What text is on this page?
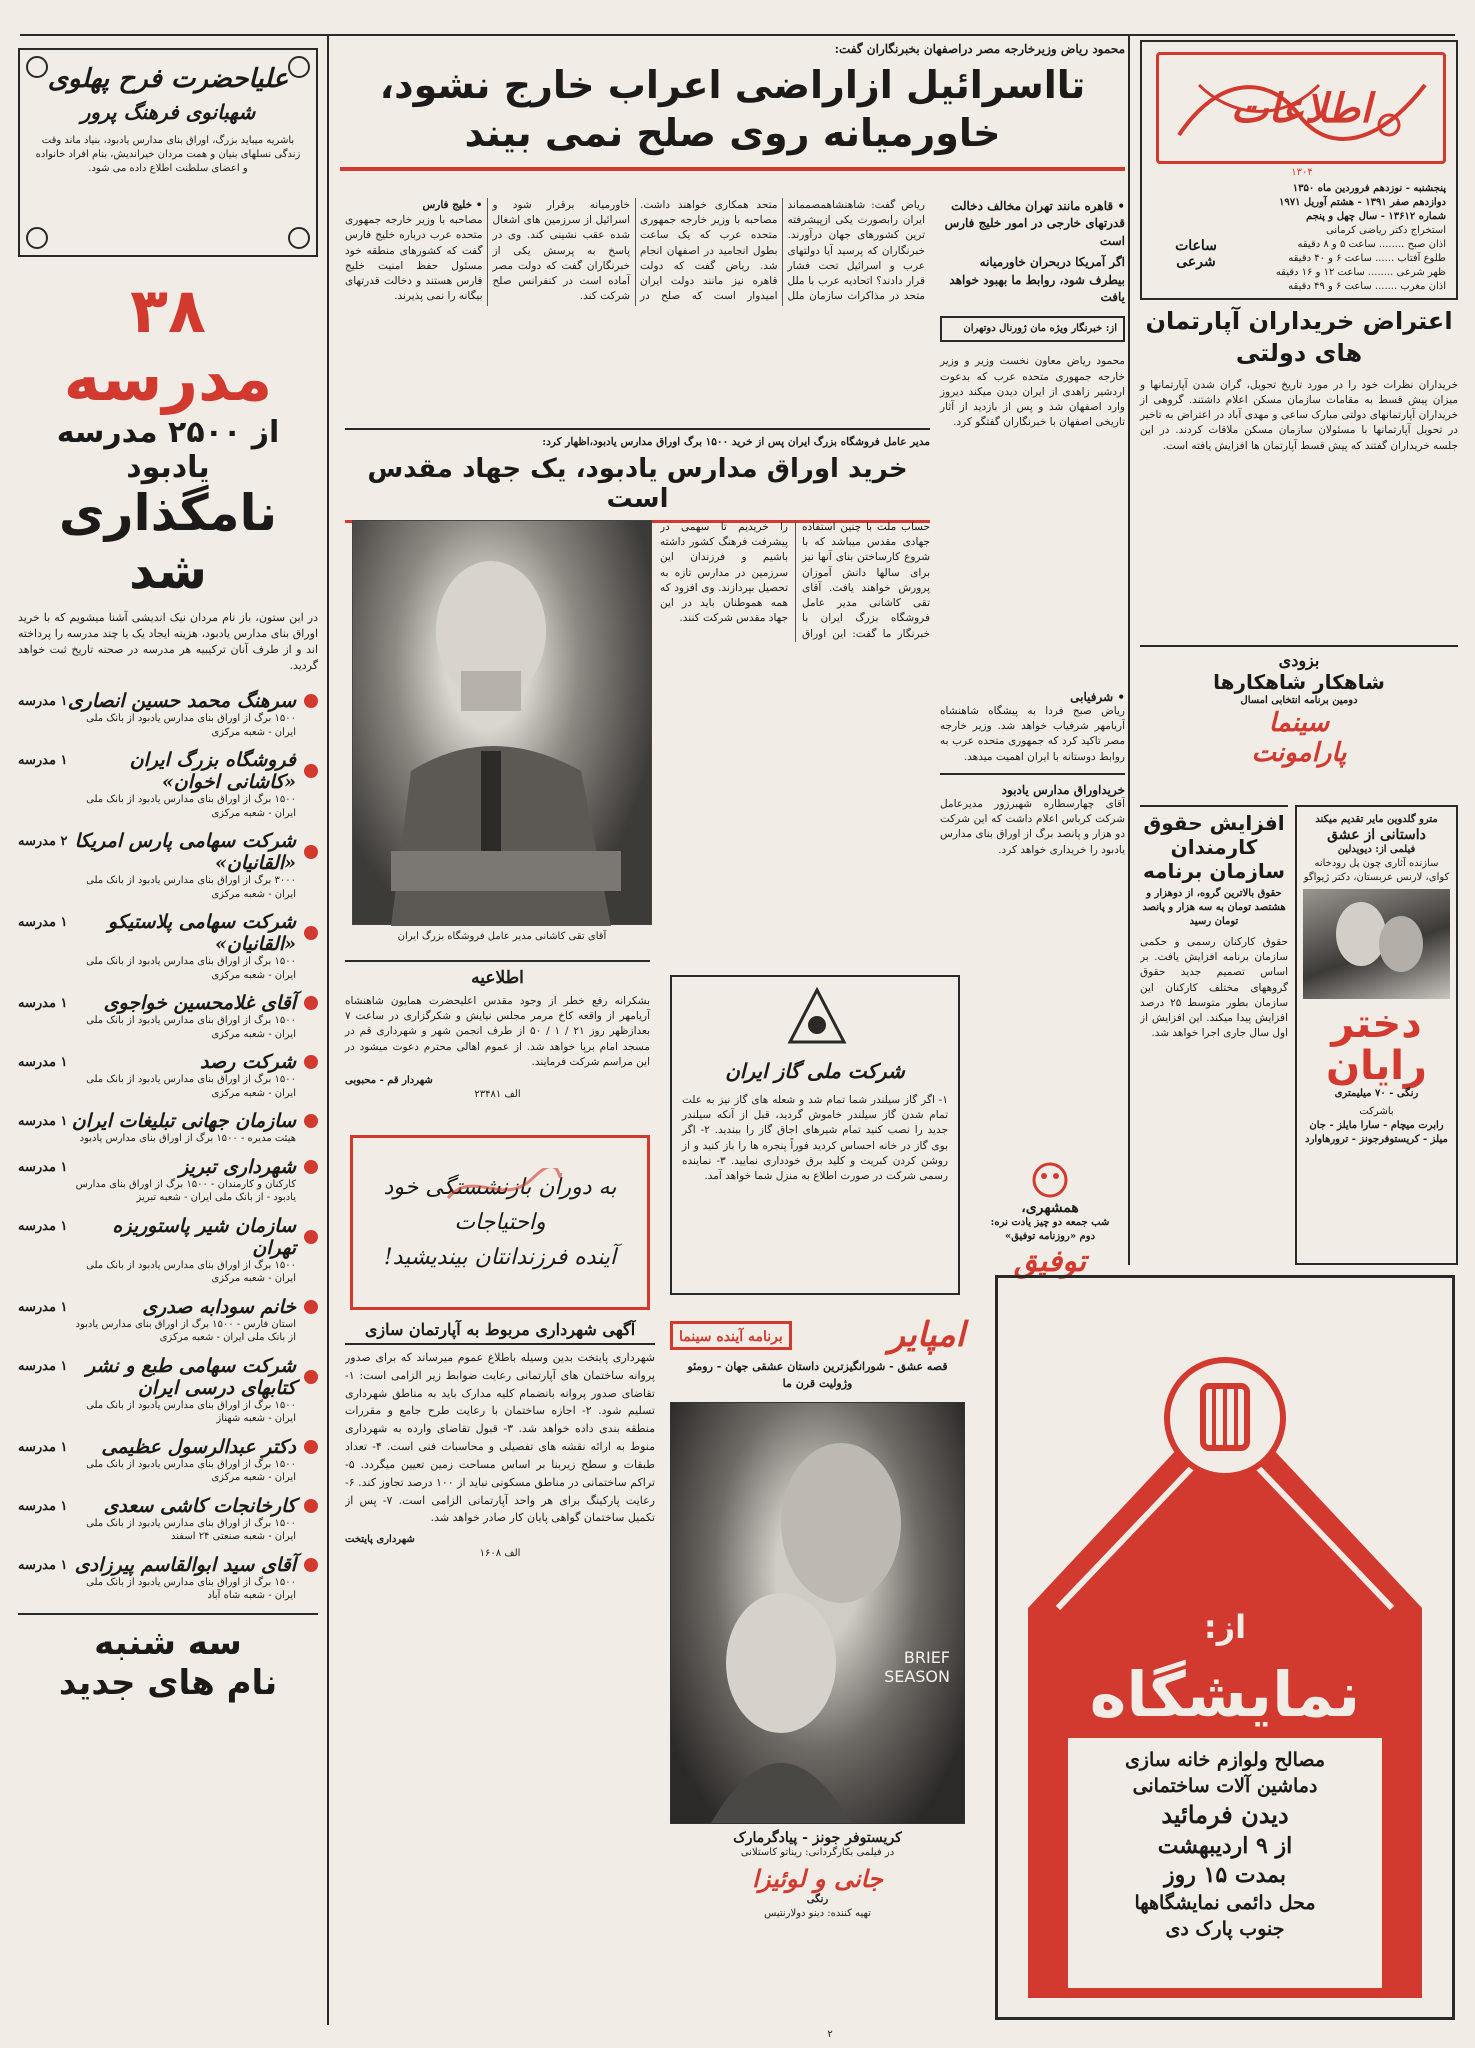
علیاحضرت فرح پهلوی
شهبانوی فرهنگ پرور
باشریه میباید بزرگ، اوراق بنای مدارس یادبود، بنیاد ماند وقت زندگی نسلهای بنیان و همت مردان خیراندیش، بنام افراد خانواده و اعضای سلطنت اطلاع داده می شود.
۳۸ مدرسه
از ۲۵۰۰ مدرسه یادبود
نامگذاری شد
در این ستون، باز نام مردان نیک اندیشی آشنا میشویم که با خرید اوراق بنای مدارس یادبود، هزینه ایجاد یک یا چند مدرسه را پرداخته اند و از طرف آنان ترکیبیه هر مدرسه در صحنه تاریخ ثبت خواهد گردید.
سرهنگ محمد حسین انصاری
۱۵۰۰ برگ از اوراق بنای مدارس یادبود از بانک ملی ایران - شعبه مرکزی
۱ مدرسه
فروشگاه بزرگ ایران «کاشانی اخوان»
۱۵۰۰ برگ از اوراق بنای مدارس یادبود از بانک ملی ایران - شعبه مرکزی
۱ مدرسه
شرکت سهامی پارس امریکا «القانیان»
۳۰۰۰ برگ از اوراق بنای مدارس یادبود از بانک ملی ایران - شعبه مرکزی
۲ مدرسه
شرکت سهامی پلاستیکو «القانیان»
۱۵۰۰ برگ از اوراق بنای مدارس یادبود از بانک ملی ایران - شعبه مرکزی
۱ مدرسه
آقای غلامحسین خواجوی
۱۵۰۰ برگ از اوراق بنای مدارس یادبود از بانک ملی ایران - شعبه مرکزی
۱ مدرسه
شرکت رصد
۱۵۰۰ برگ از اوراق بنای مدارس یادبود از بانک ملی ایران - شعبه مرکزی
۱ مدرسه
سازمان جهانی تبلیغات ایران
هیئت مدیره - ۱۵۰۰ برگ از اوراق بنای مدارس یادبود
۱ مدرسه
شهرداری تبریز
کارکنان و کارمندان - ۱۵۰۰ برگ از اوراق بنای مدارس یادبود - از بانک ملی ایران - شعبه تبریز
۱ مدرسه
سازمان شیر پاستوریزه تهران
۱۵۰۰ برگ از اوراق بنای مدارس یادبود از بانک ملی ایران - شعبه مرکزی
۱ مدرسه
خانم سودابه صدری
استان فارس - ۱۵۰۰ برگ از اوراق بنای مدارس یادبود از بانک ملی ایران - شعبه مرکزی
۱ مدرسه
شرکت سهامی طبع و نشر کتابهای درسی ایران
۱۵۰۰ برگ از اوراق بنای مدارس یادبود از بانک ملی ایران - شعبه شهناز
۱ مدرسه
دکتر عبدالرسول عظیمی
۱۵۰۰ برگ از اوراق بنای مدارس یادبود از بانک ملی ایران - شعبه مرکزی
۱ مدرسه
کارخانجات کاشی سعدی
۱۵۰۰ برگ از اوراق بنای مدارس یادبود از بانک ملی ایران - شعبه صنعتی ۲۴ اسفند
۱ مدرسه
آقای سید ابوالقاسم پیرزادی
۱۵۰۰ برگ از اوراق بنای مدارس یادبود از بانک ملی ایران - شعبه شاه آباد
۱ مدرسه
سه شنبه
نام های جدید
اطلاعات
۱۳۰۴
پنجشنبه - نوزدهم فروردین ماه ۱۳۵۰
دوازدهم صفر ۱۳۹۱ - هشتم آوریل ۱۹۷۱
شماره ۱۳۶۱۲ - سال چهل و پنجم
استخراج دکتر ریاضی کرمانی
اذان صبح ........ ساعت ۵ و ۸ دقیقه
طلوع آفتاب ...... ساعت ۶ و ۴۰ دقیقه
ظهر شرعی ........ ساعت ۱۲ و ۱۶ دقیقه
اذان مغرب ....... ساعت ۶ و ۴۹ دقیقه
ساعات شرعی
محمود ریاض وزیرخارجه مصر دراصفهان بخبرنگاران گفت:
تااسرائیل ازاراضی اعراب خارج نشود،
خاورمیانه روی صلح نمی بیند
• قاهره مانند تهران مخالف دخالت قدرتهای خارجی در امور خلیج فارس است
اگر آمریکا دربحران خاورمیانه بیطرف شود، روابط ما بهبود خواهد یافت
از: خبرنگار ویژه مان ژورنال دوتهران
محمود ریاض معاون نخست وزیر و وزیر خارجه جمهوری متحده عرب که بدعوت اردشیر زاهدی از ایران دیدن میکند دیروز وارد اصفهان شد و پس از بازدید از آثار تاریخی اصفهان با خبرنگاران گفتگو کرد.
ریاض گفت: شاهنشاهمصمماند ایران رابصورت یکی ازپیشرفته ترین کشورهای جهان درآورند. خبرنگاران که پرسید آیا دولتهای عرب و اسرائیل تحت فشار قرار دادند؟ اتحادیه عرب با ملل متحد در مذاکرات سازمان ملل متحد همکاری خواهند داشت. مصاحبه با وزیر خارجه جمهوری متحده عرب که یک ساعت بطول انجامید در اصفهان انجام شد. ریاض گفت که دولت قاهره نیز مانند دولت ایران امیدوار است که صلح در خاورمیانه برقرار شود و اسرائیل از سرزمین های اشغال شده عقب نشینی کند. وی در پاسخ به پرسش یکی از خبرنگاران گفت که دولت مصر آماده است در کنفرانس صلح شرکت کند.
• خلیج فارس
مصاحبه با وزیر خارجه جمهوری متحده عرب درباره خلیج فارس گفت که کشورهای منطقه خود مسئول حفظ امنیت خلیج فارس هستند و دخالت قدرتهای بیگانه را نمی پذیرند.
مدیر عامل فروشگاه بزرگ ایران پس از خرید ۱۵۰۰ برگ اوراق مدارس یادبود،اظهار کرد:
خرید اوراق مدارس یادبود، یک جهاد مقدس است
حساب ملت با چنین استفاده جهادی مقدس میباشد که با شروع کارساختن بنای آنها نیز برای سالها دانش آموزان پرورش خواهند یافت. آقای تقی کاشانی مدیر عامل فروشگاه بزرگ ایران با خبرنگار ما گفت: این اوراق را خریدیم تا سهمی در پیشرفت فرهنگ کشور داشته باشیم و فرزندان این سرزمین در مدارس تازه به تحصیل بپردازند. وی افزود که همه هموطنان باید در این جهاد مقدس شرکت کنند.
آقای تقی کاشانی مدیر عامل فروشگاه بزرگ ایران
• شرفیابی
ریاض صبح فردا به پیشگاه شاهنشاه آریامهر شرفیاب خواهد شد. وزیر خارجه مصر تاکید کرد که جمهوری متحده عرب به روابط دوستانه با ایران اهمیت میدهد.
خریداوراق مدارس یادبود
آقای چهارسطاره شهبرزور مدیرعامل شرکت کرباس اعلام داشت که این شرکت دو هزار و پانصد برگ از اوراق بنای مدارس یادبود را خریداری خواهد کرد.
اطلاعیه
بشکرانه رفع خطر از وجود مقدس اعلیحضرت همایون شاهنشاه آریامهر از واقعه کاخ مرمر مجلس نیایش و شکرگزاری در ساعت ۷ بعدازظهر روز ۲۱ / ۱ / ۵۰ از طرف انجمن شهر و شهرداری قم در مسجد امام برپا خواهد شد. از عموم اهالی محترم دعوت میشود در این مراسم شرکت فرمایند.
شهردار قم - محبوبی
الف ۲۳۴۸۱
به دوران بازنشستگی خود واحتیاجات
آینده فرزندانتان بیندیشید!
آگهی شهرداری مربوط به آپارتمان سازی
شهرداری پایتخت بدین وسیله باطلاع عموم میرساند که برای صدور پروانه ساختمان های آپارتمانی رعایت ضوابط زیر الزامی است: ۱- تقاضای صدور پروانه بانضمام کلیه مدارک باید به مناطق شهرداری تسلیم شود. ۲- اجازه ساختمان با رعایت طرح جامع و مقررات منطقه بندی داده خواهد شد. ۳- قبول تقاضای وارده به شهرداری منوط به ارائه نقشه های تفصیلی و محاسبات فنی است. ۴- تعداد طبقات و سطح زیربنا بر اساس مساحت زمین تعیین میگردد. ۵- تراکم ساختمانی در مناطق مسکونی نباید از ۱۰۰ درصد تجاوز کند. ۶- رعایت پارکینگ برای هر واحد آپارتمانی الزامی است. ۷- پس از تکمیل ساختمان گواهی پایان کار صادر خواهد شد.
شهرداری پایتخت
الف ۱۶۰۸
شرکت ملی گاز ایران
۱- اگر گاز سیلندر شما تمام شد و شعله های گاز نیز به علت تمام شدن گاز سیلندر خاموش گردید، قبل از آنکه سیلندر جدید را نصب کنید تمام شیرهای اجاق گاز را ببندید. ۲- اگر بوی گاز در خانه احساس کردید فوراً پنجره ها را باز کنید و از روشن کردن کبریت و کلید برق خودداری نمایید. ۳- نماینده رسمی شرکت در صورت اطلاع به منزل شما خواهد آمد.
همشهری،
شب جمعه دو چیز یادت نره:
دوم «روزنامه توفیق»
توفیق
امپایر
برنامه آینده سینما
قصه عشق - شورانگیزترین داستان عشقی جهان - رومئو وژولیت قرن ما
BRIEF SEASON
کریستوفر جونز - پیادگرمارک
در فیلمی بکارگردانی: ریناتو کاستلانی
جانی و لوئیزا
رنگی
تهیه کننده: دینو دولارنتیس
اعتراض خریداران آپارتمان های دولتی
خریداران نظرات خود را در مورد تاریخ تحویل، گران شدن آپارتمانها و میزان پیش قسط به مقامات سازمان مسکن اعلام داشتند. گروهی از خریداران آپارتمانهای دولتی مبارک ساعی و مهدی آباد در اعتراض به تاخیر در تحویل آپارتمانها با مسئولان سازمان مسکن ملاقات کردند. در این جلسه خریداران گفتند که پیش قسط آپارتمان ها افزایش یافته است.
بزودی
شاهکار شاهکارها
دومین برنامه انتخابی امسال
سینما
پارامونت
افزایش حقوق
کارمندان
سازمان برنامه
حقوق بالاترین گروه، از دوهزار و هشتصد تومان به سه هزار و پانصد تومان رسید
حقوق کارکنان رسمی و حکمی سازمان برنامه افزایش یافت. بر اساس تصمیم جدید حقوق گروههای مختلف کارکنان این سازمان بطور متوسط ۲۵ درصد افزایش پیدا میکند. این افزایش از اول سال جاری اجرا خواهد شد.
مترو گلدوین مایر تقدیم میکند
داستانی از عشق
فیلمی از: دیویدلین
سازنده آثاری چون پل رودخانه کوای، لارنس عربستان، دکتر ژیواگو
دختر رایان
رنگی - ۷۰ میلیمتری
باشرکت
رابرت میچام - سارا مایلز - جان میلز - کریستوفرجونز - ترورهاوارد
از:
نمایشگاه
مصالح ولوازم خانه سازی
دماشین آلات ساختمانی
دیدن فرمائید
از ۹ اردیبهشت
بمدت ۱۵ روز
محل دائمی نمایشگاهها
جنوب پارک دی
۲
